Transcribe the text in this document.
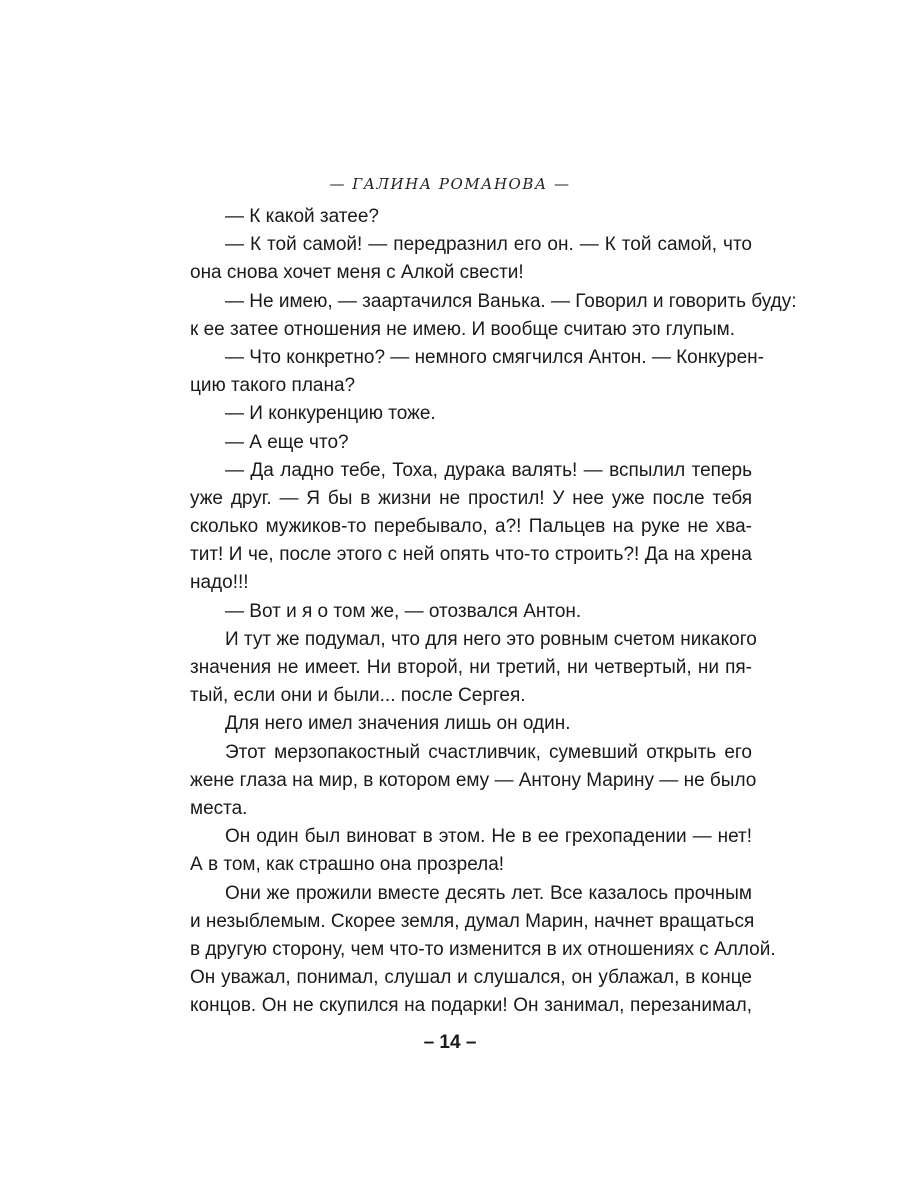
— ГАЛИНА РОМАНОВА —
— К какой затее?
— К той самой! — передразнил его он. — К той самой, что
она снова хочет меня с Алкой свести!
— Не имею, — заартачился Ванька. — Говорил и говорить буду:
к ее затее отношения не имею. И вообще считаю это глупым.
— Что конкретно? — немного смягчился Антон. — Конкурен-
цию такого плана?
— И конкуренцию тоже.
— А еще что?
— Да ладно тебе, Тоха, дурака валять! — вспылил теперь
уже друг. — Я бы в жизни не простил! У нее уже после тебя
сколько мужиков-то перебывало, а?! Пальцев на руке не хва-
тит! И че, после этого с ней опять что-то строить?! Да на хрена
надо!!!
— Вот и я о том же, — отозвался Антон.
И тут же подумал, что для него это ровным счетом никакого
значения не имеет. Ни второй, ни третий, ни четвертый, ни пя-
тый, если они и были... после Сергея.
Для него имел значения лишь он один.
Этот мерзопакостный счастливчик, сумевший открыть его
жене глаза на мир, в котором ему — Антону Марину — не было
места.
Он один был виноват в этом. Не в ее грехопадении — нет!
А в том, как страшно она прозрела!
Они же прожили вместе десять лет. Все казалось прочным
и незыблемым. Скорее земля, думал Марин, начнет вращаться
в другую сторону, чем что-то изменится в их отношениях с Аллой.
Он уважал, понимал, слушал и слушался, он ублажал, в конце
концов. Он не скупился на подарки! Он занимал, перезанимал,
– 14 –
